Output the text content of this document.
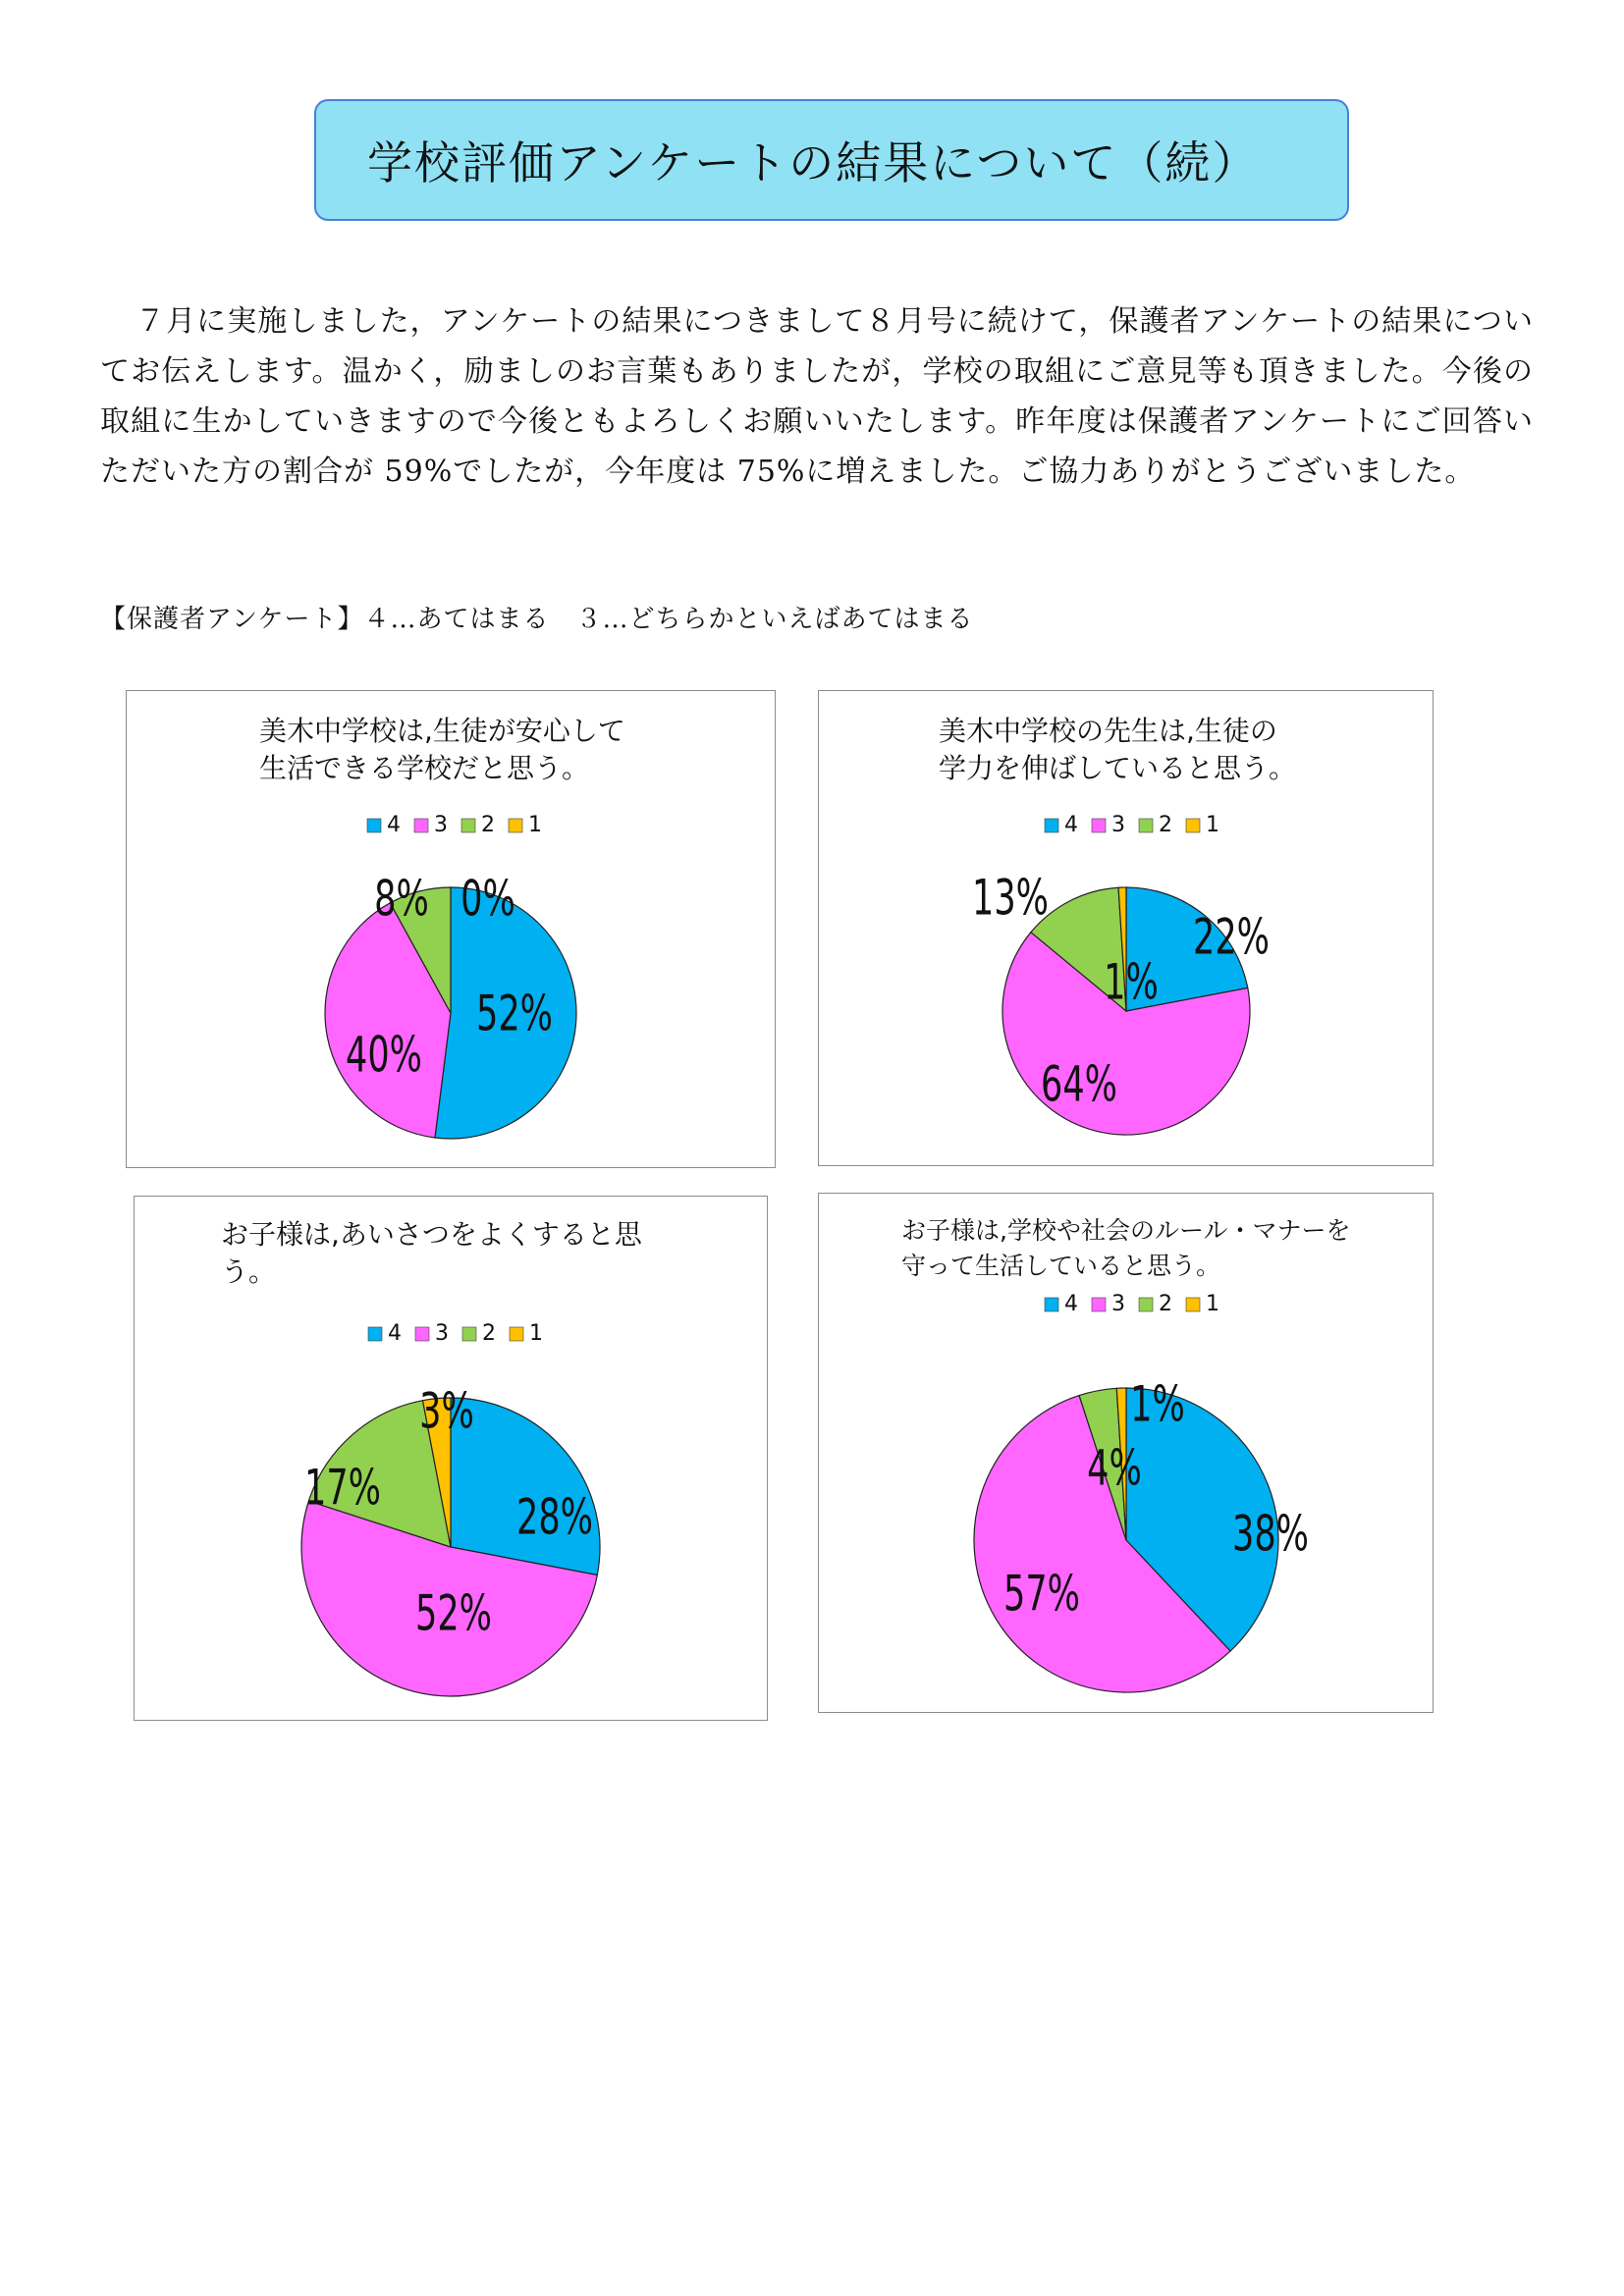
学校評価アンケートの結果について（続）

７月に実施しました，アンケートの結果につきまして８月号に続けて，保護者アンケートの結果についてお伝えします。温かく，励ましのお言葉もありましたが，学校の取組にご意見等も頂きました。今後の取組に生かしていきますので今後ともよろしくお願いいたします。昨年度は保護者アンケートにご回答いただいた方の割合が 59%でしたが，今年度は 75%に増えました。ご協力ありがとうございました。

【保護者アンケート】４…あてはまる　３…どちらかといえばあてはまる

4 3 2 1
52%
40%
8% 0%
美木中学校は,生徒が安心して
生活できる学校だと思う。
4 3 2 1
22%
64%
13%
1%
美木中学校の先生は,生徒の
学力を伸ばしていると思う。
4 3 2 1
28%
52%
17%
3%
お子様は,あいさつをよくすると思
う。
4 3 2 1
38%
57%
4%
1%
お子様は,学校や社会のルール・マナーを
守って生活していると思う。
